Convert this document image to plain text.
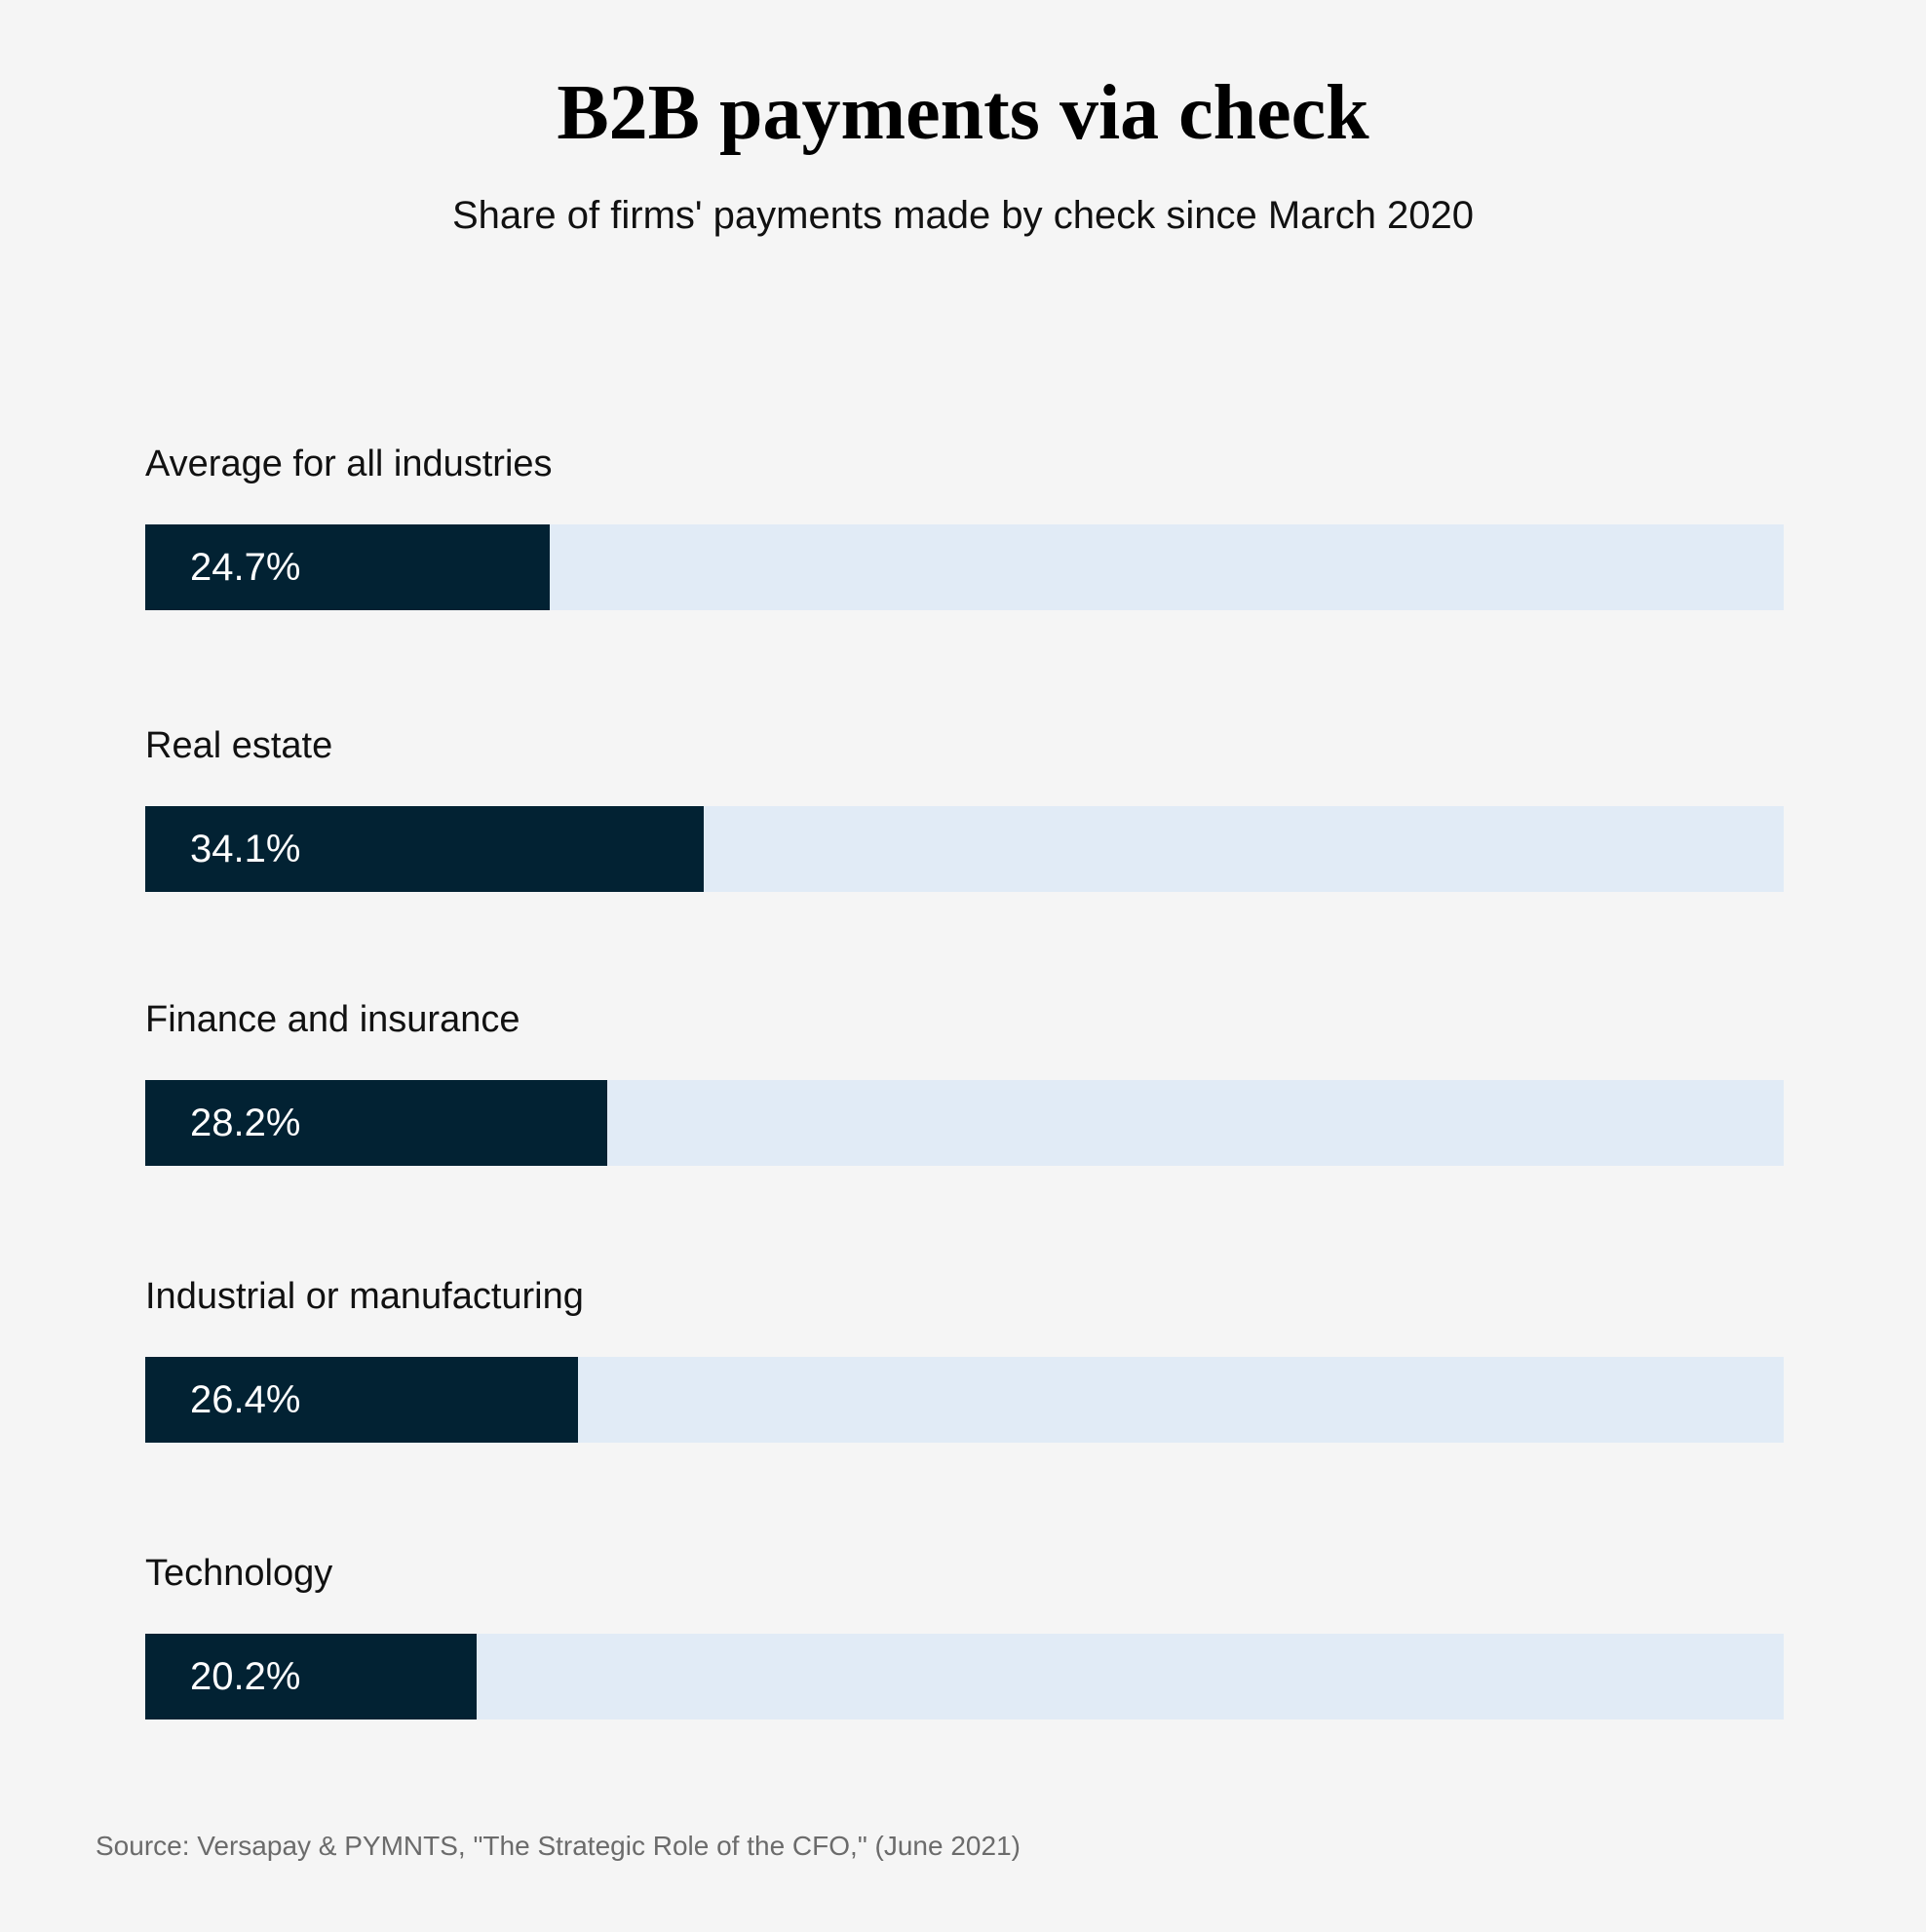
B2B payments via check
Share of firms' payments made by check since March 2020
Average for all industries
24.7%
Real estate
34.1%
Finance and insurance
28.2%
Industrial or manufacturing
26.4%
Technology
20.2%
Source: Versapay & PYMNTS, "The Strategic Role of the CFO," (June 2021)
